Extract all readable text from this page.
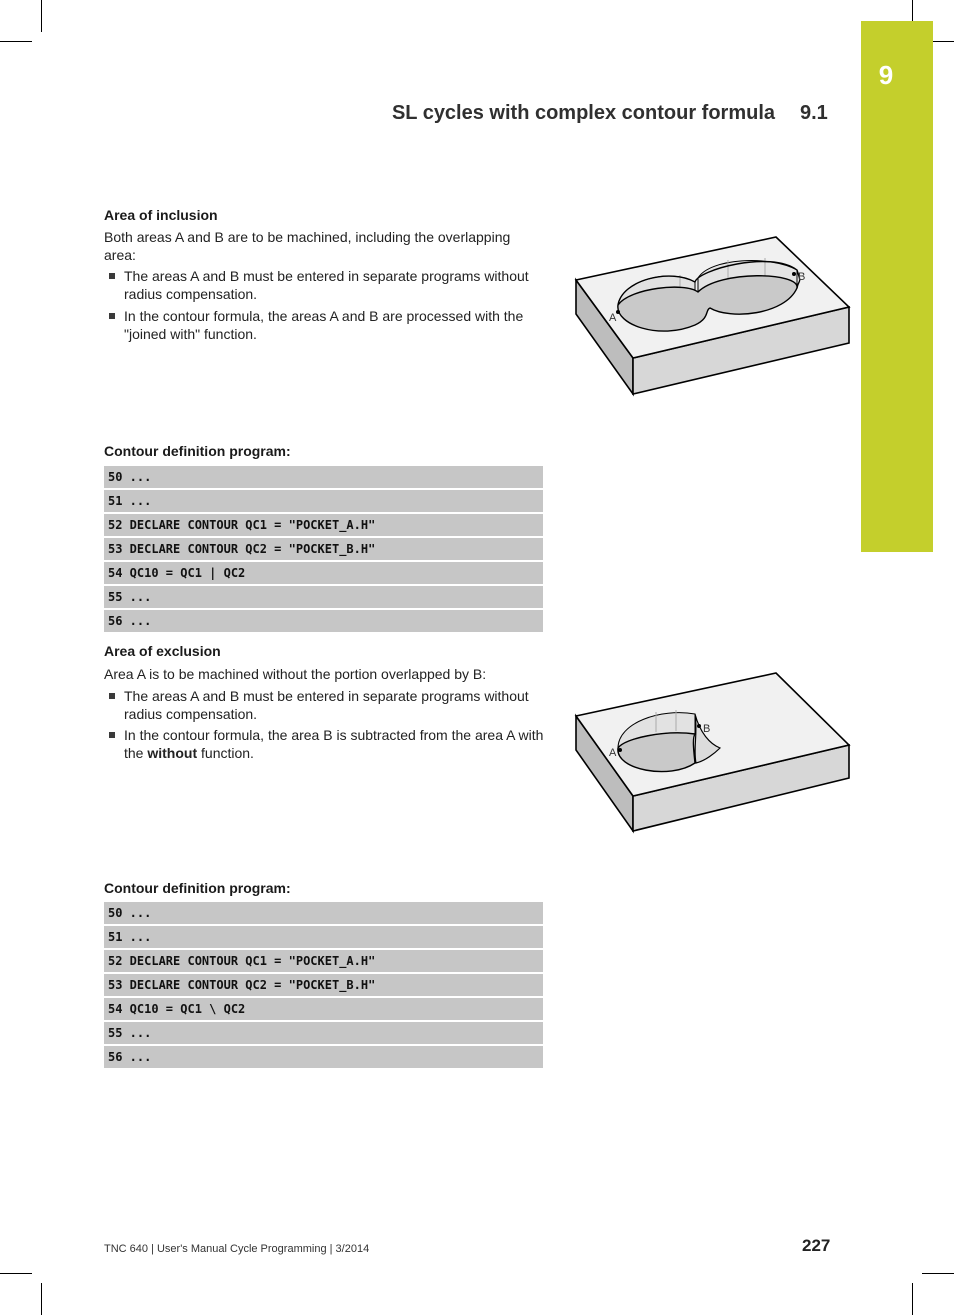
9
SL cycles with complex contour formula 9.1
Area of inclusion
Both areas A and B are to be machined, including the overlapping area:
The areas A and B must be entered in separate programs without radius compensation.
In the contour formula, the areas A and B are processed with the "joined with" function.
A
B
Contour definition program:
50 ...
51 ...
52 DECLARE CONTOUR QC1 = "POCKET_A.H"
53 DECLARE CONTOUR QC2 = "POCKET_B.H"
54 QC10 = QC1 | QC2
55 ...
56 ...
Area of exclusion
Area A is to be machined without the portion overlapped by B:
The areas A and B must be entered in separate programs without radius compensation.
In the contour formula, the area B is subtracted from the area A with the without function.	A
B
Contour definition program:
50 ...
51 ...
52 DECLARE CONTOUR QC1 = "POCKET_A.H"
53 DECLARE CONTOUR QC2 = "POCKET_B.H"
54 QC10 = QC1 \ QC2
55 ...
56 ...
TNC 640 | User's Manual Cycle Programming | 3/2014	227
